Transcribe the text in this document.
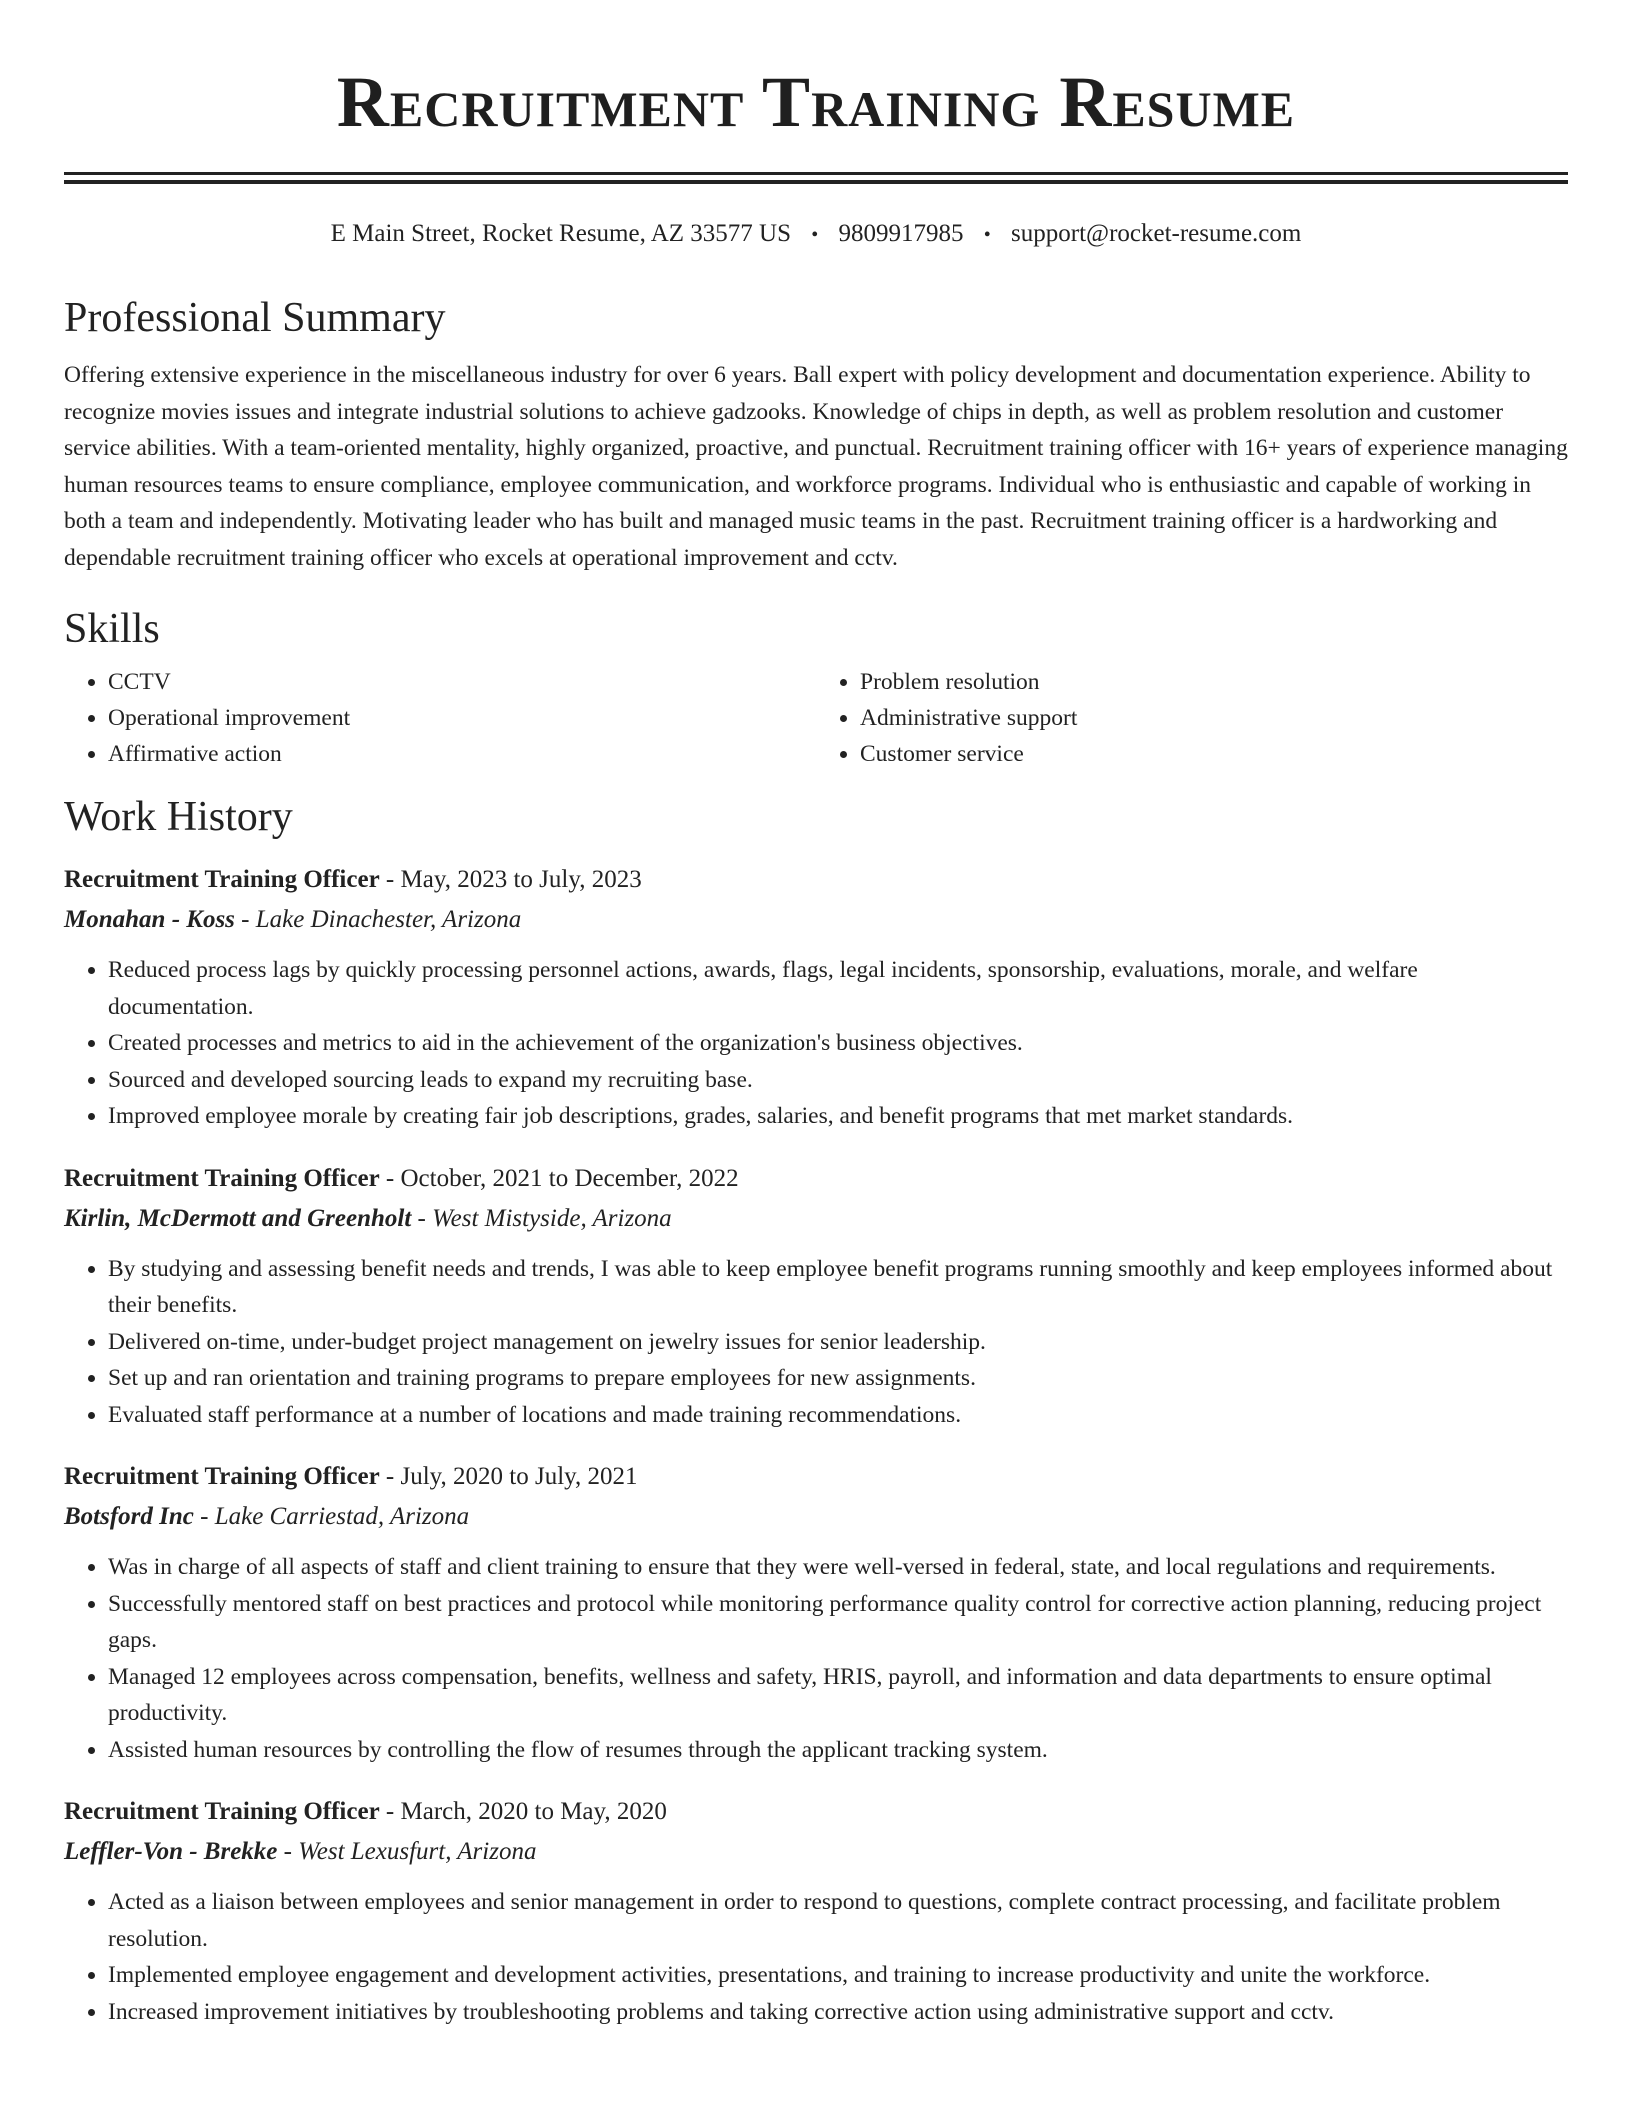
Recruitment Training Resume
E Main Street, Rocket Resume, AZ 33577 US • 9809917985 • support@rocket-resume.com
Professional Summary

Offering extensive experience in the miscellaneous industry for over 6 years. Ball expert with policy development and documentation experience. Ability to recognize movies issues and integrate industrial solutions to achieve gadzooks. Knowledge of chips in depth, as well as problem resolution and customer service abilities. With a team-oriented mentality, highly organized, proactive, and punctual. Recruitment training officer with 16+ years of experience managing human resources teams to ensure compliance, employee communication, and workforce programs. Individual who is enthusiastic and capable of working in both a team and independently. Motivating leader who has built and managed music teams in the past. Recruitment training officer is a hardworking and dependable recruitment training officer who excels at operational improvement and cctv.

Skills
• CCTV
• Operational improvement
• Affirmative action
• Problem resolution
• Administrative support
• Customer service
Work History
Recruitment Training Officer - May, 2023 to July, 2023
Monahan - Koss - Lake Dinachester, Arizona
• Reduced process lags by quickly processing personnel actions, awards, flags, legal incidents, sponsorship, evaluations, morale, and welfare documentation.
• Created processes and metrics to aid in the achievement of the organization's business objectives.
• Sourced and developed sourcing leads to expand my recruiting base.
• Improved employee morale by creating fair job descriptions, grades, salaries, and benefit programs that met market standards.
Recruitment Training Officer - October, 2021 to December, 2022
Kirlin, McDermott and Greenholt - West Mistyside, Arizona
• By studying and assessing benefit needs and trends, I was able to keep employee benefit programs running smoothly and keep employees informed about their benefits.
• Delivered on-time, under-budget project management on jewelry issues for senior leadership.
• Set up and ran orientation and training programs to prepare employees for new assignments.
• Evaluated staff performance at a number of locations and made training recommendations.
Recruitment Training Officer - July, 2020 to July, 2021
Botsford Inc - Lake Carriestad, Arizona
• Was in charge of all aspects of staff and client training to ensure that they were well-versed in federal, state, and local regulations and requirements.
• Successfully mentored staff on best practices and protocol while monitoring performance quality control for corrective action planning, reducing project gaps.
• Managed 12 employees across compensation, benefits, wellness and safety, HRIS, payroll, and information and data departments to ensure optimal productivity.
• Assisted human resources by controlling the flow of resumes through the applicant tracking system.
Recruitment Training Officer - March, 2020 to May, 2020
Leffler-Von - Brekke - West Lexusfurt, Arizona
• Acted as a liaison between employees and senior management in order to respond to questions, complete contract processing, and facilitate problem resolution.
• Implemented employee engagement and development activities, presentations, and training to increase productivity and unite the workforce.
• Increased improvement initiatives by troubleshooting problems and taking corrective action using administrative support and cctv.
